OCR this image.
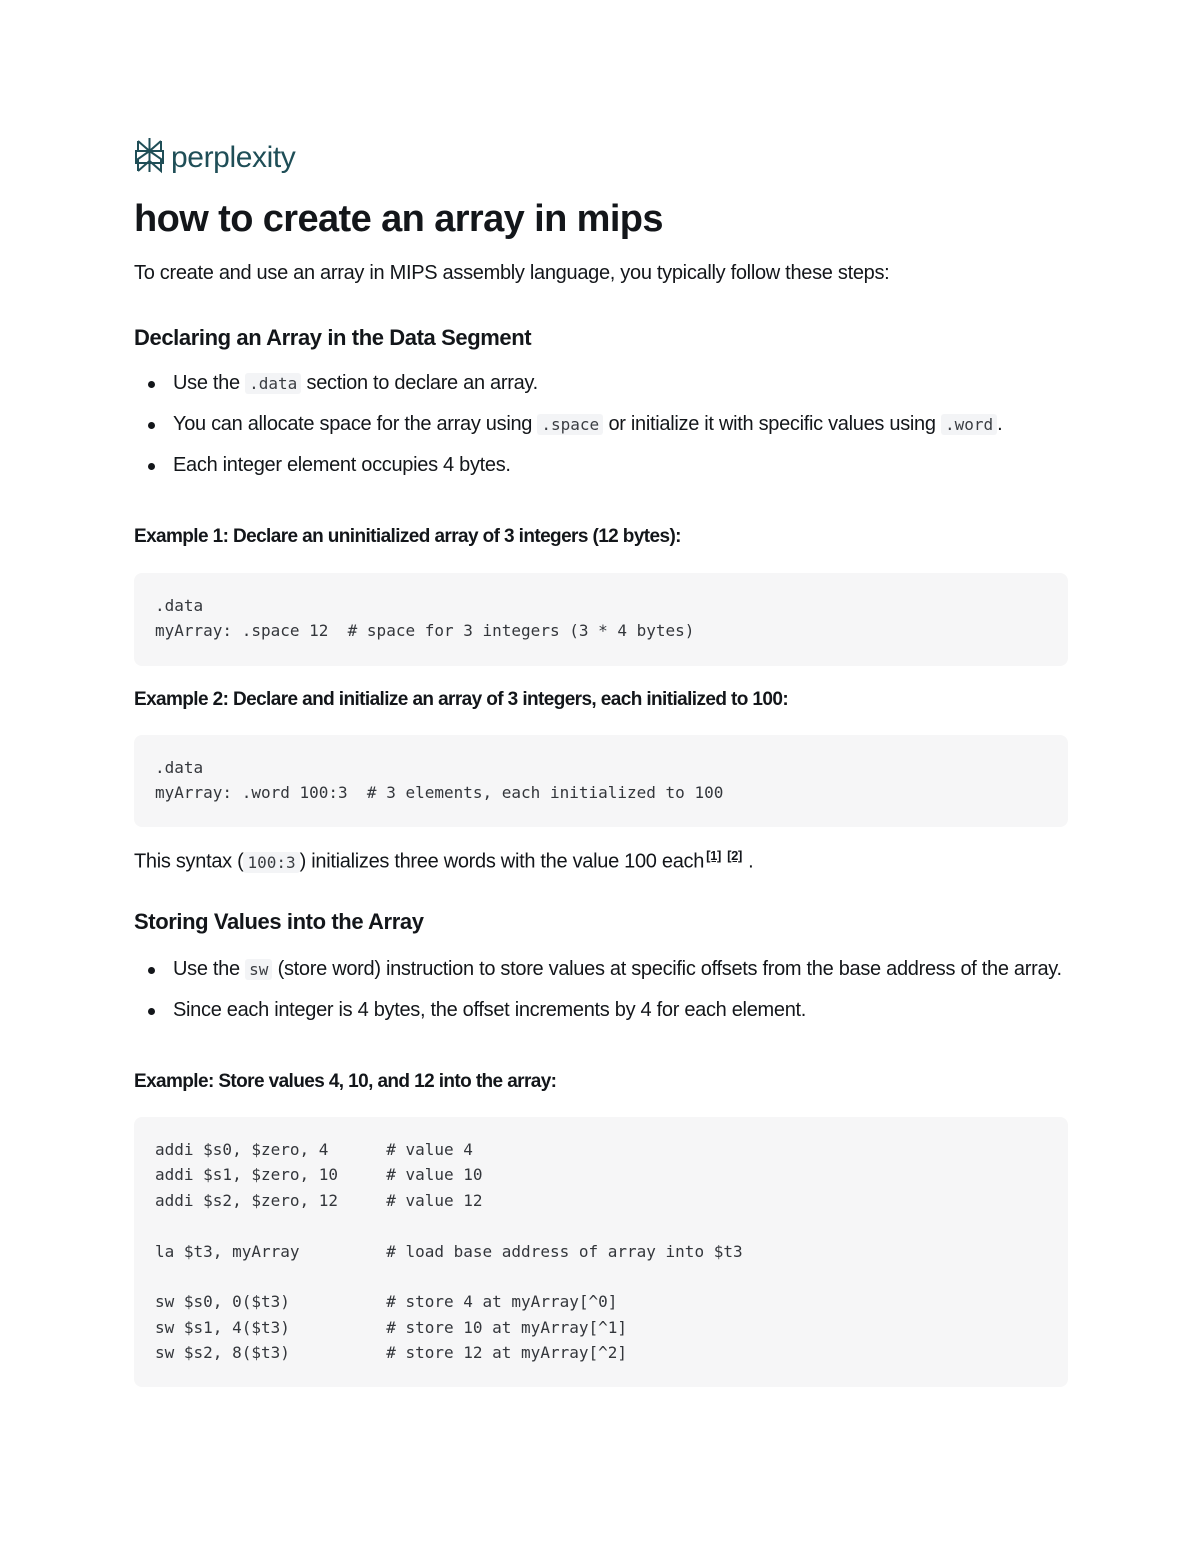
perplexity
how to create an array in mips
To create and use an array in MIPS assembly language, you typically follow these steps:
Declaring an Array in the Data Segment
Use the .data section to declare an array.
You can allocate space for the array using .space or initialize it with specific values using .word .
Each integer element occupies 4 bytes.
Example 1: Declare an uninitialized array of 3 integers (12 bytes):
.data
myArray: .space 12  # space for 3 integers (3 * 4 bytes)
Example 2: Declare and initialize an array of 3 integers, each initialized to 100:
.data
myArray: .word 100:3  # 3 elements, each initialized to 100
This syntax ( 100:3 ) initializes three words with the value 100 each [1] [2] .
Storing Values into the Array
Use the sw (store word) instruction to store values at specific offsets from the base address of the array.
Since each integer is 4 bytes, the offset increments by 4 for each element.
Example: Store values 4, 10, and 12 into the array:
addi $s0, $zero, 4      # value 4
addi $s1, $zero, 10     # value 10
addi $s2, $zero, 12     # value 12
la $t3, myArray         # load base address of array into $t3
sw $s0, 0($t3)          # store 4 at myArray[^0]
sw $s1, 4($t3)          # store 10 at myArray[^1]
sw $s2, 8($t3)          # store 12 at myArray[^2]
